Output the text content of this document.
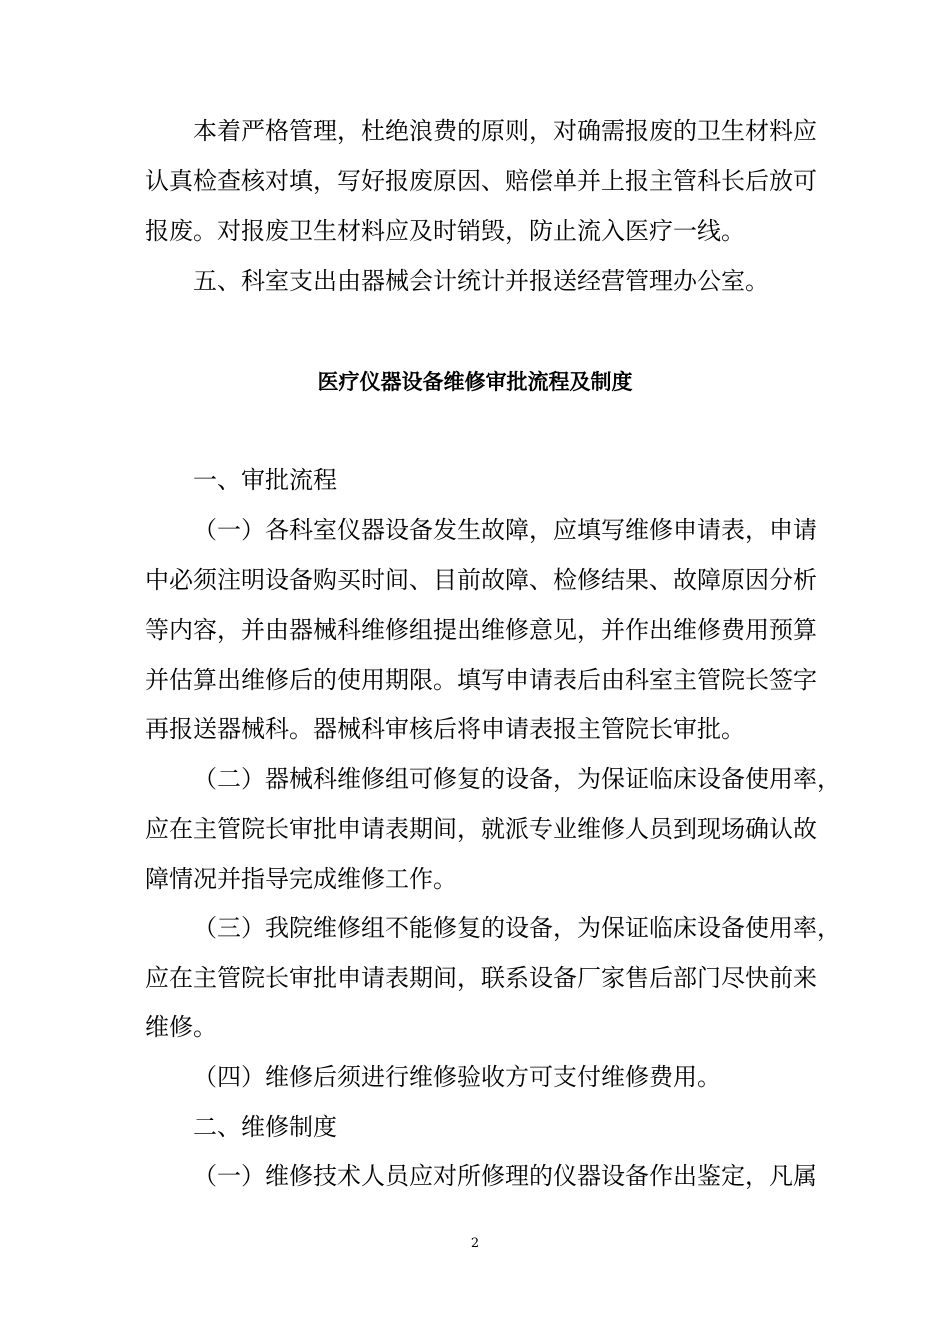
本着严格管理，杜绝浪费的原则，对确需报废的卫生材料应
认真检查核对填，写好报废原因、赔偿单并上报主管科长后放可
报废。对报废卫生材料应及时销毁，防止流入医疗一线。
五、科室支出由器械会计统计并报送经营管理办公室。
医疗仪器设备维修审批流程及制度
一、审批流程
（一）各科室仪器设备发生故障，应填写维修申请表，申请
中必须注明设备购买时间、目前故障、检修结果、故障原因分析
等内容，并由器械科维修组提出维修意见，并作出维修费用预算
并估算出维修后的使用期限。填写申请表后由科室主管院长签字
再报送器械科。器械科审核后将申请表报主管院长审批。
（二）器械科维修组可修复的设备，为保证临床设备使用率，
应在主管院长审批申请表期间，就派专业维修人员到现场确认故
障情况并指导完成维修工作。
（三）我院维修组不能修复的设备，为保证临床设备使用率，
应在主管院长审批申请表期间，联系设备厂家售后部门尽快前来
维修。
（四）维修后须进行维修验收方可支付维修费用。
二、维修制度
（一）维修技术人员应对所修理的仪器设备作出鉴定，凡属
2
